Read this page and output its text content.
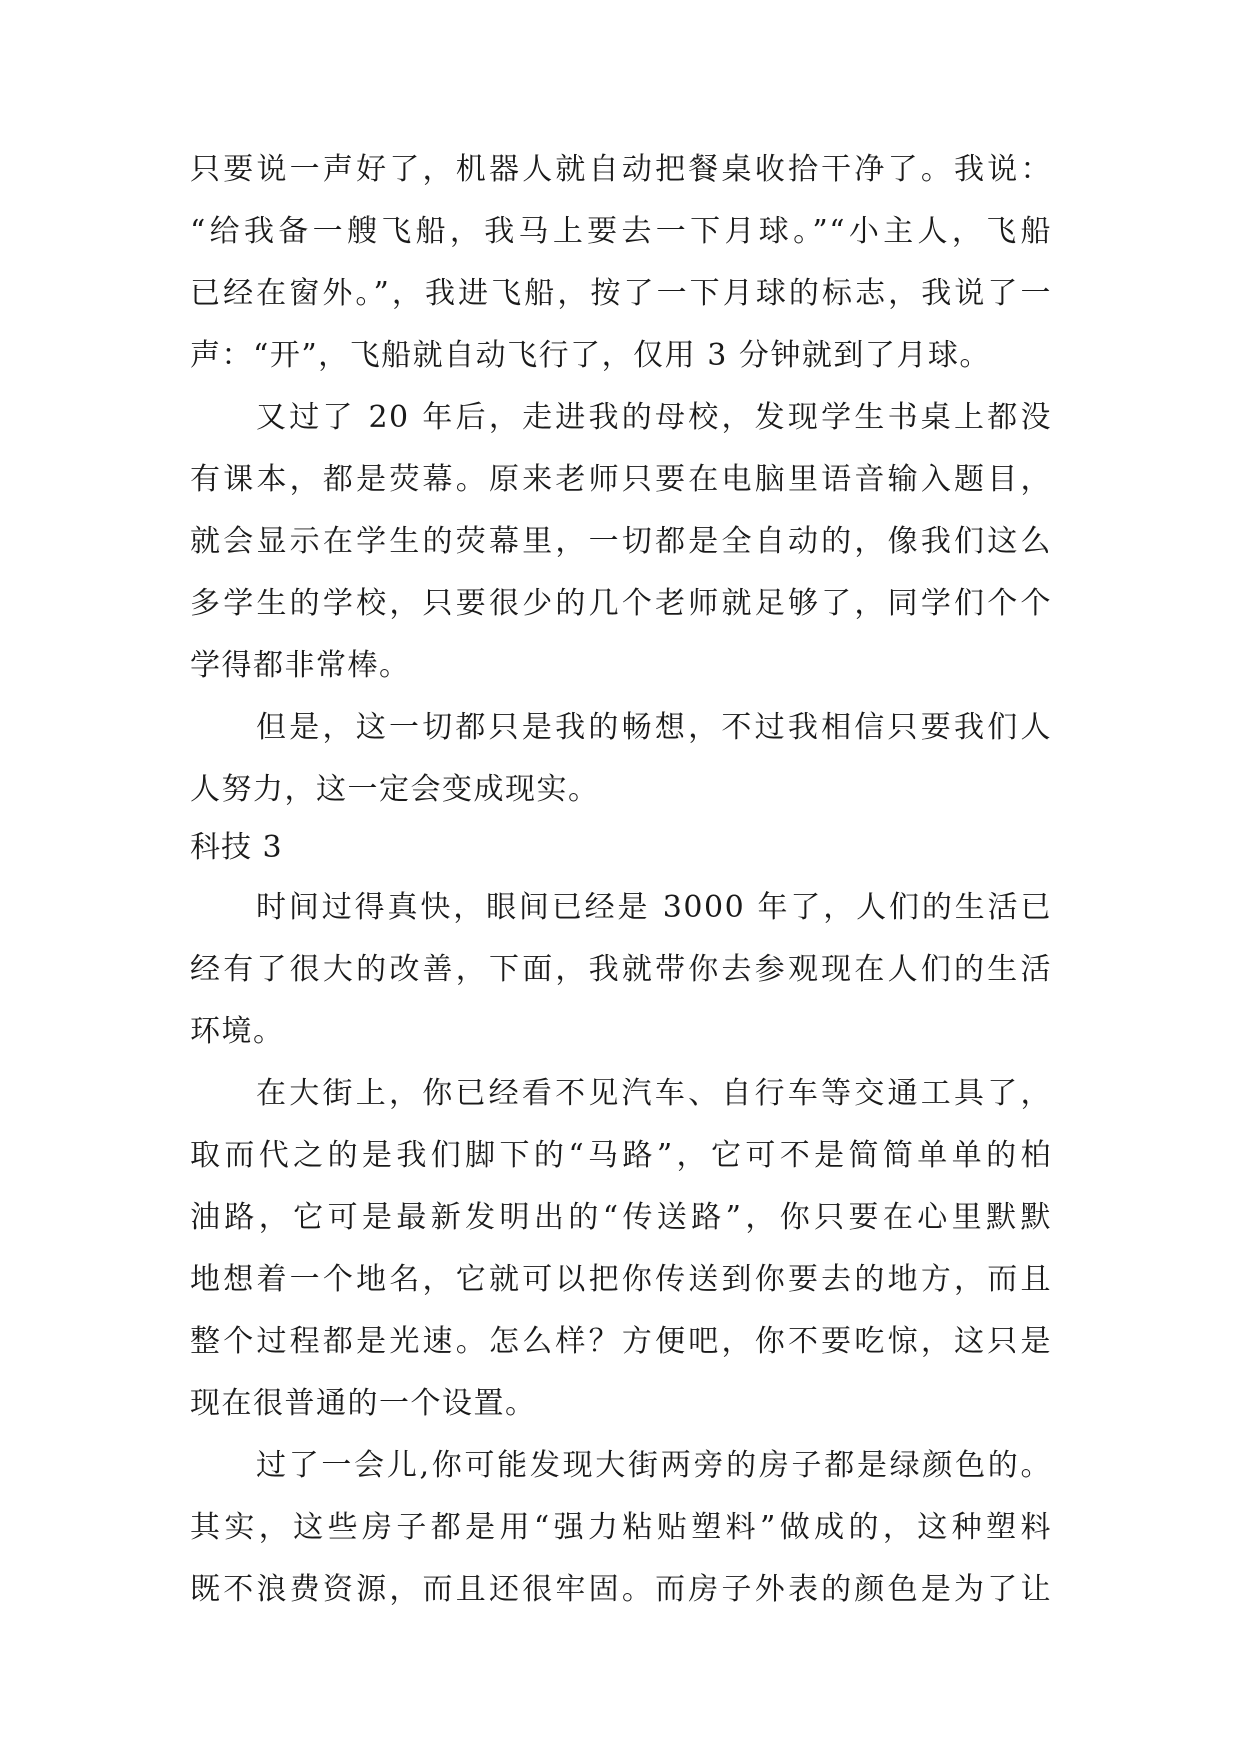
只要说一声好了，机器人就自动把餐桌收拾干净了。我说：
“给我备一艘飞船，我马上要去一下月球。”“小主人，飞船
已经在窗外。”，我进飞船，按了一下月球的标志，我说了一
声：“开”，飞船就自动飞行了，仅用 3 分钟就到了月球。
又过了 20 年后，走进我的母校，发现学生书桌上都没
有课本，都是荧幕。原来老师只要在电脑里语音输入题目，
就会显示在学生的荧幕里，一切都是全自动的，像我们这么
多学生的学校，只要很少的几个老师就足够了，同学们个个
学得都非常棒。
但是，这一切都只是我的畅想，不过我相信只要我们人
人努力，这一定会变成现实。
科技 3
时间过得真快，眼间已经是 3000 年了，人们的生活已
经有了很大的改善，下面，我就带你去参观现在人们的生活
环境。
在大街上，你已经看不见汽车、自行车等交通工具了，
取而代之的是我们脚下的“马路”，它可不是简简单单的柏
油路，它可是最新发明出的“传送路”，你只要在心里默默
地想着一个地名，它就可以把你传送到你要去的地方，而且
整个过程都是光速。怎么样？方便吧，你不要吃惊，这只是
现在很普通的一个设置。
过了一会儿,你可能发现大街两旁的房子都是绿颜色的。
其实，这些房子都是用“强力粘贴塑料”做成的，这种塑料
既不浪费资源，而且还很牢固。而房子外表的颜色是为了让
